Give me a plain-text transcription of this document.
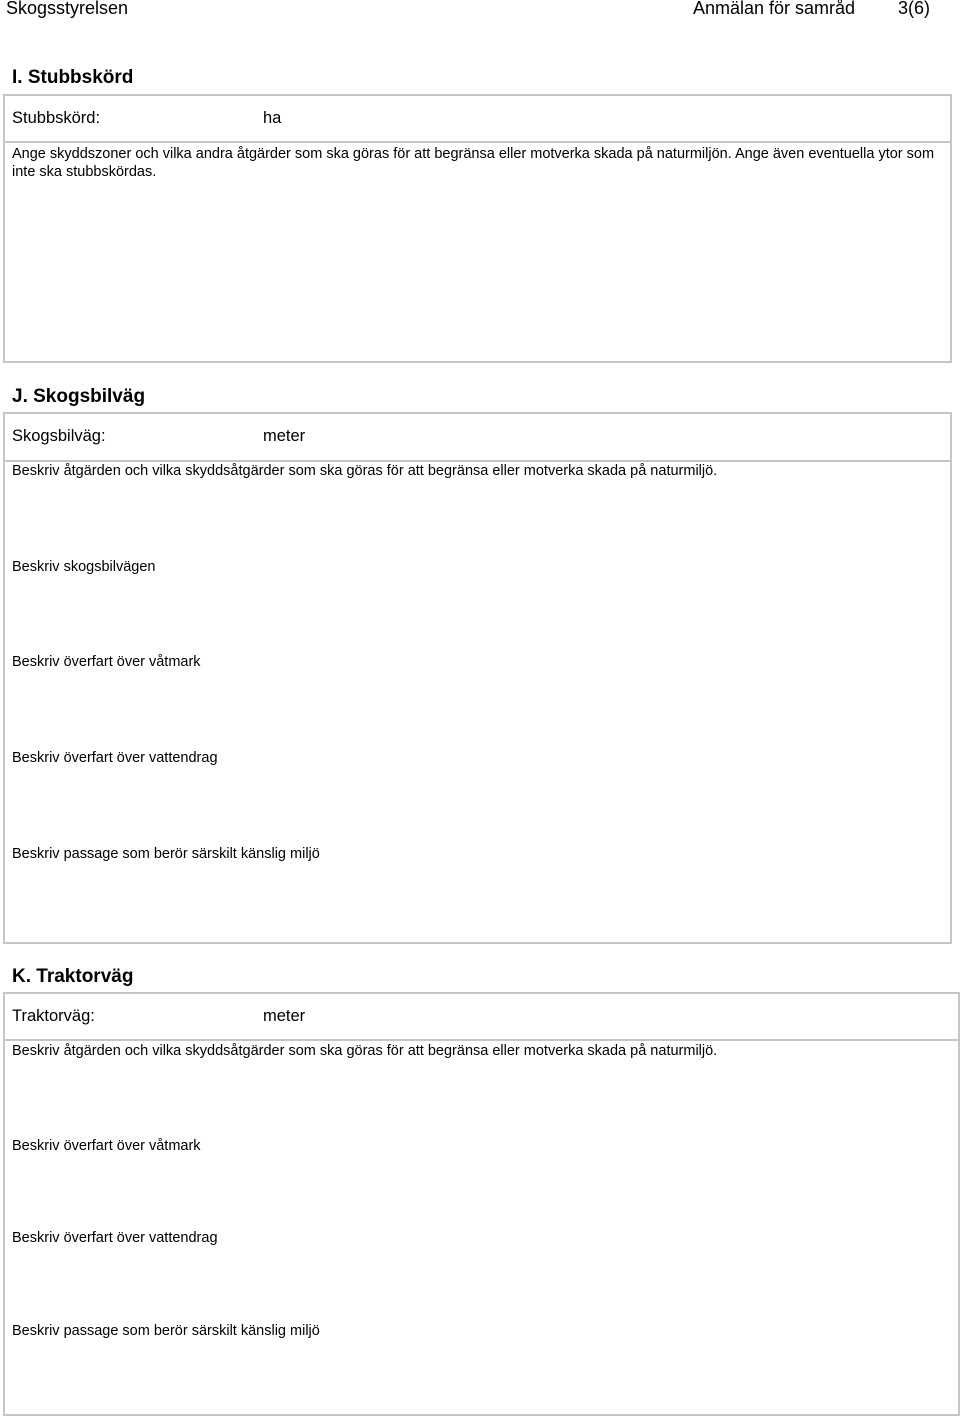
Skogsstyrelsen	Anmälan för samråd 3(6)
I. Stubbskörd
Stubbskörd:	ha
Ange skyddszoner och vilka andra åtgärder som ska göras för att begränsa eller motverka skada på naturmiljön. Ange även eventuella ytor som inte ska stubbskördas.
J. Skogsbilväg
Skogsbilväg:	meter
Beskriv åtgärden och vilka skyddsåtgärder som ska göras för att begränsa eller motverka skada på naturmiljö.
Beskriv skogsbilvägen
Beskriv överfart över våtmark
Beskriv överfart över vattendrag
Beskriv passage som berör särskilt känslig miljö
K. Traktorväg
Traktorväg:	meter
Beskriv åtgärden och vilka skyddsåtgärder som ska göras för att begränsa eller motverka skada på naturmiljö.
Beskriv överfart över våtmark
Beskriv överfart över vattendrag
Beskriv passage som berör särskilt känslig miljö
